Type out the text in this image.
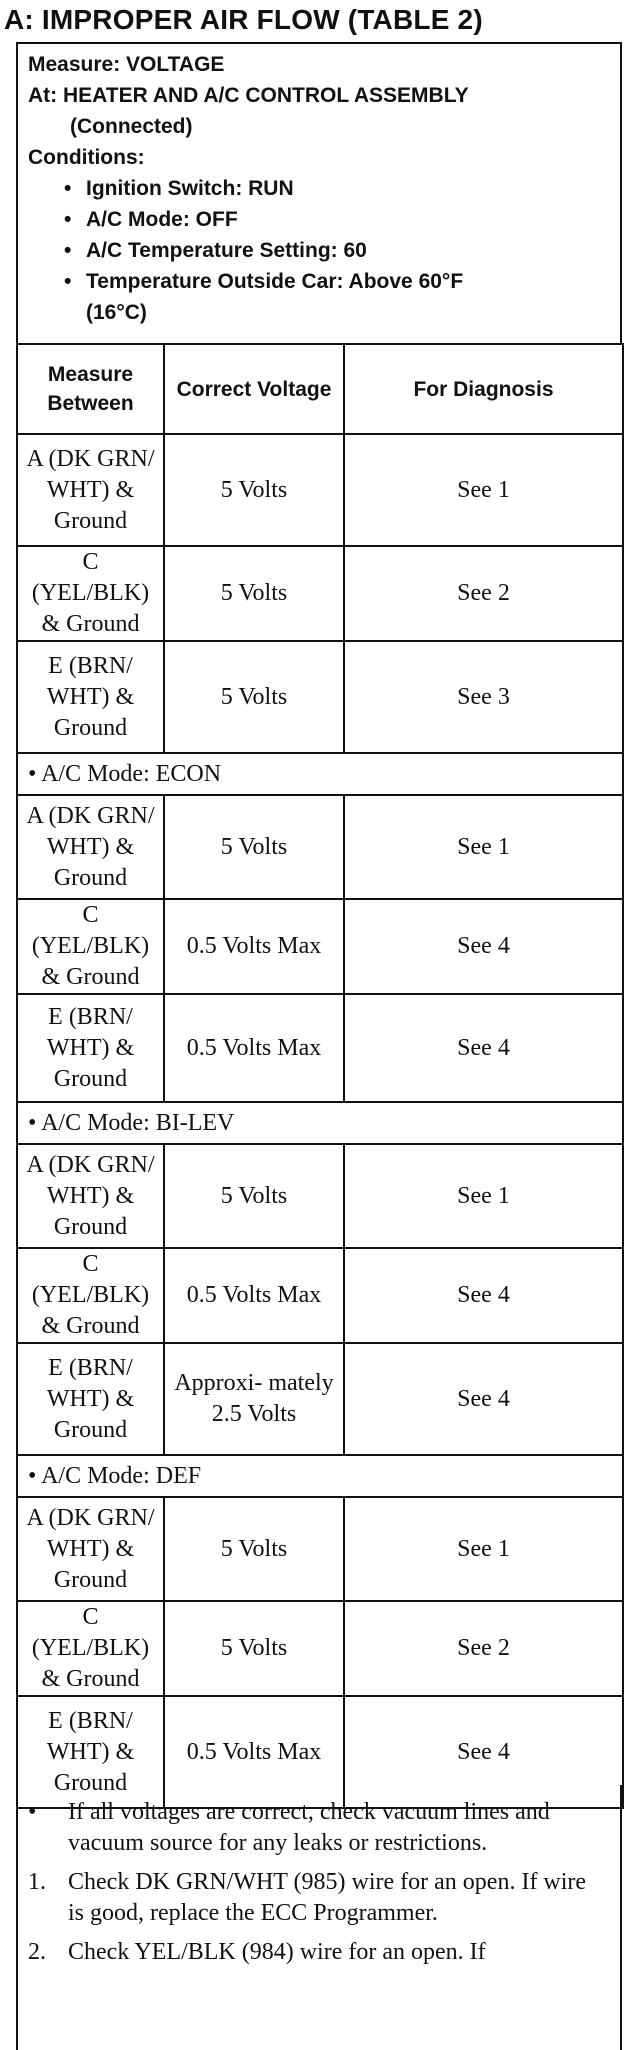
A: IMPROPER AIR FLOW (TABLE 2)
Measure: VOLTAGE
At: HEATER AND A/C CONTROL ASSEMBLY
(Connected)
Conditions:
• Ignition Switch: RUN
• A/C Mode: OFF
• A/C Temperature Setting: 60
• Temperature Outside Car: Above 60°F
(16°C)
Measure Between	Correct Voltage	For Diagnosis
A (DK GRN/ WHT) & Ground	5 Volts	See 1
C (YEL/BLK) & Ground	5 Volts	See 2
E (BRN/ WHT) & Ground	5 Volts	See 3
• A/C Mode: ECON		
A (DK GRN/ WHT) & Ground	5 Volts	See 1
C (YEL/BLK) & Ground	0.5 Volts Max	See 4
E (BRN/ WHT) & Ground	0.5 Volts Max	See 4
• A/C Mode: BI-LEV		
A (DK GRN/ WHT) & Ground	5 Volts	See 1
C (YEL/BLK) & Ground	0.5 Volts Max	See 4
E (BRN/ WHT) & Ground	Approxi- mately 2.5 Volts	See 4
• A/C Mode: DEF		
A (DK GRN/ WHT) & Ground	5 Volts	See 1
C (YEL/BLK) & Ground	5 Volts	See 2
E (BRN/ WHT) & Ground	0.5 Volts Max	See 4
• If all voltages are correct, check vacuum lines and vacuum source for any leaks or restrictions.
1. Check DK GRN/WHT (985) wire for an open. If wire is good, replace the ECC Programmer.
2. Check YEL/BLK (984) wire for an open. If
